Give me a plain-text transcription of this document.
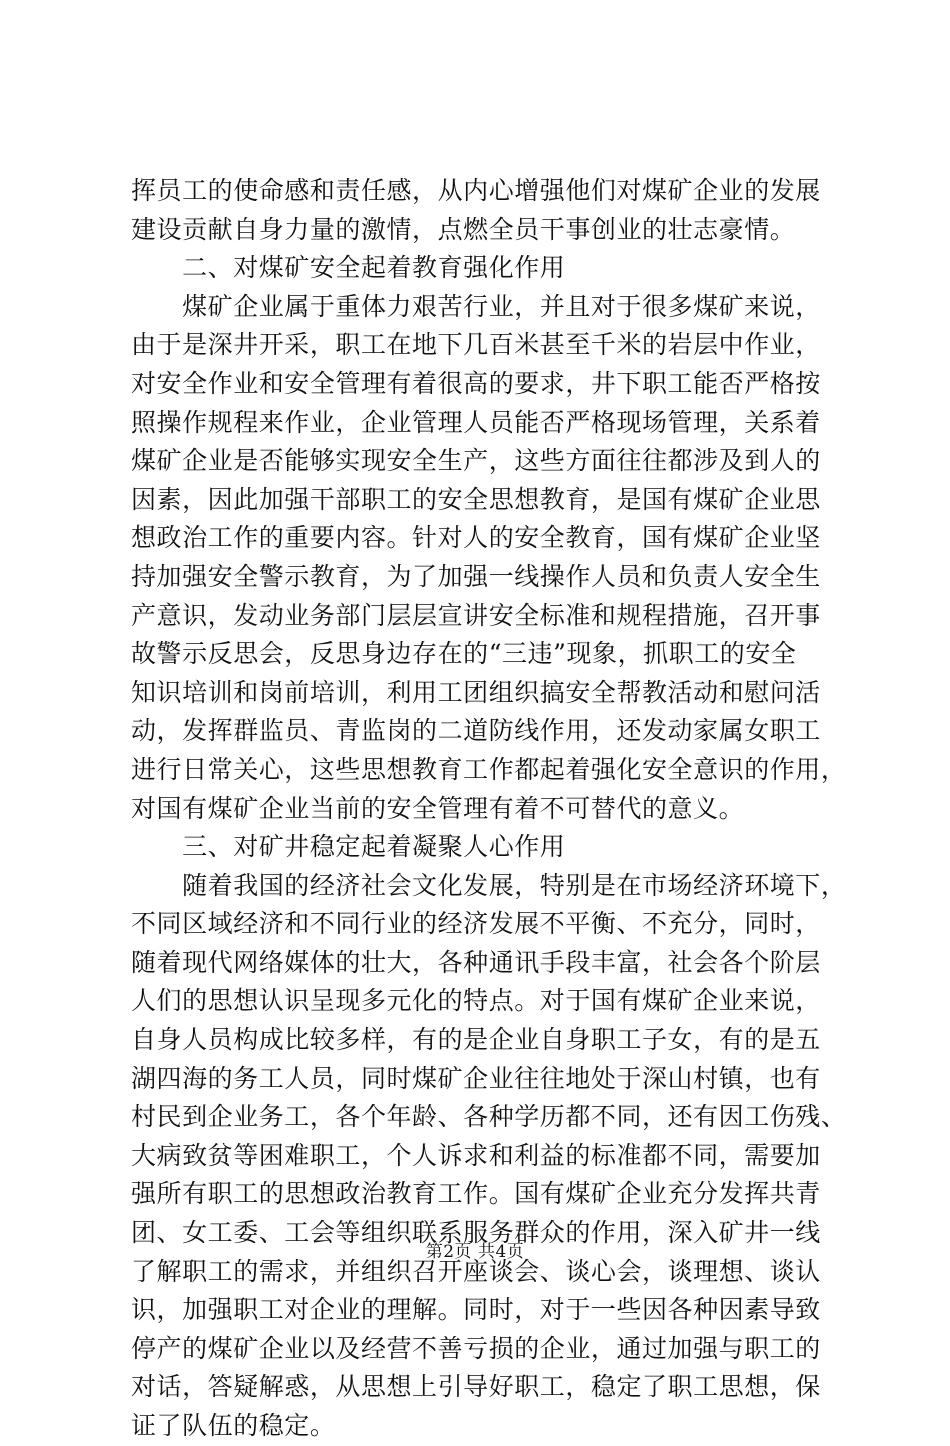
挥员工的使命感和责任感，从内心增强他们对煤矿企业的发展
建设贡献自身力量的激情，点燃全员干事创业的壮志豪情。
　　二、对煤矿安全起着教育强化作用
　　煤矿企业属于重体力艰苦行业，并且对于很多煤矿来说，
由于是深井开采，职工在地下几百米甚至千米的岩层中作业，
对安全作业和安全管理有着很高的要求，井下职工能否严格按
照操作规程来作业，企业管理人员能否严格现场管理，关系着
煤矿企业是否能够实现安全生产，这些方面往往都涉及到人的
因素，因此加强干部职工的安全思想教育，是国有煤矿企业思
想政治工作的重要内容。针对人的安全教育，国有煤矿企业坚
持加强安全警示教育，为了加强一线操作人员和负责人安全生
产意识，发动业务部门层层宣讲安全标准和规程措施，召开事
故警示反思会，反思身边存在的“三违”现象，抓职工的安全
知识培训和岗前培训，利用工团组织搞安全帮教活动和慰问活
动，发挥群监员、青监岗的二道防线作用，还发动家属女职工
进行日常关心，这些思想教育工作都起着强化安全意识的作用，
对国有煤矿企业当前的安全管理有着不可替代的意义。
　　三、对矿井稳定起着凝聚人心作用
　　随着我国的经济社会文化发展，特别是在市场经济环境下，
不同区域经济和不同行业的经济发展不平衡、不充分，同时，
随着现代网络媒体的壮大，各种通讯手段丰富，社会各个阶层
人们的思想认识呈现多元化的特点。对于国有煤矿企业来说，
自身人员构成比较多样，有的是企业自身职工子女，有的是五
湖四海的务工人员，同时煤矿企业往往地处于深山村镇，也有
村民到企业务工，各个年龄、各种学历都不同，还有因工伤残、
大病致贫等困难职工，个人诉求和利益的标准都不同，需要加
强所有职工的思想政治教育工作。国有煤矿企业充分发挥共青
团、女工委、工会等组织联系服务群众的作用，深入矿井一线
了解职工的需求，并组织召开座谈会、谈心会，谈理想、谈认
识，加强职工对企业的理解。同时，对于一些因各种因素导致
停产的煤矿企业以及经营不善亏损的企业，通过加强与职工的
对话，答疑解惑，从思想上引导好职工，稳定了职工思想，保
证了队伍的稳定。
第2页 共4页
